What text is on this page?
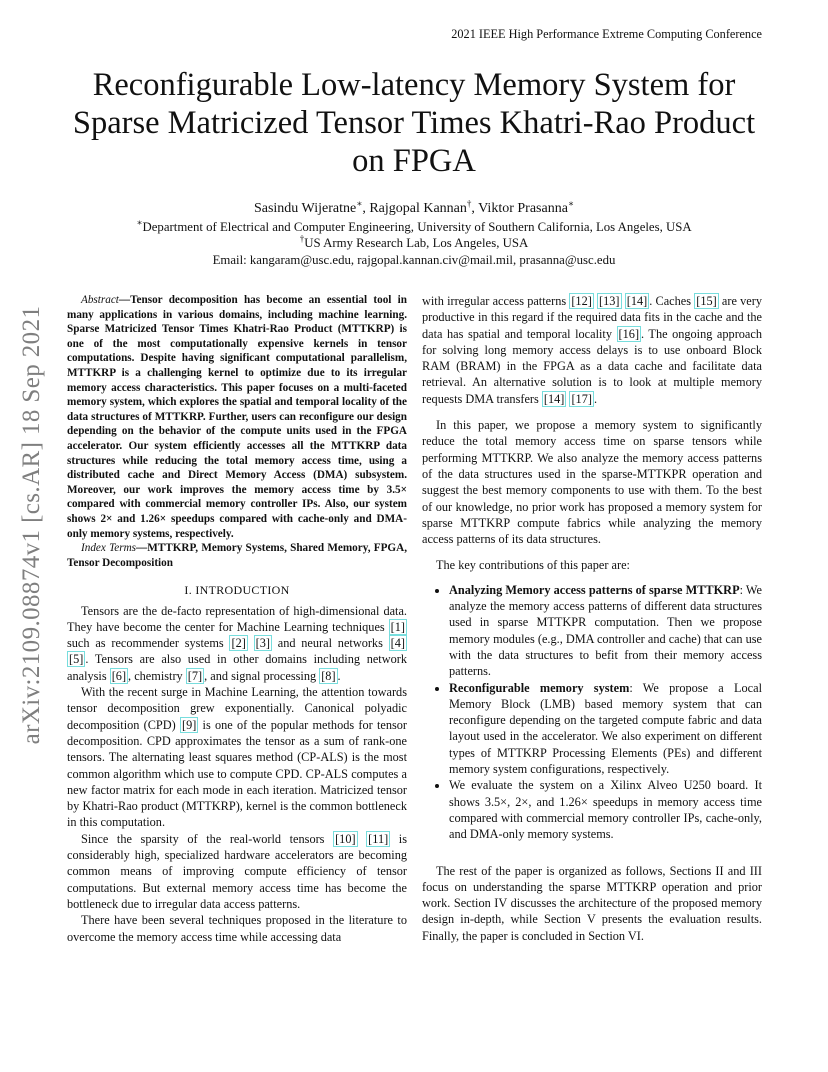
2021 IEEE High Performance Extreme Computing Conference
arXiv:2109.08874v1 [cs.AR] 18 Sep 2021
Reconfigurable Low-latency Memory System for
Sparse Matricized Tensor Times Khatri-Rao Product
on FPGA
Sasindu Wijeratne∗, Rajgopal Kannan†, Viktor Prasanna∗
∗Department of Electrical and Computer Engineering, University of Southern California, Los Angeles, USA
†US Army Research Lab, Los Angeles, USA
Email: kangaram@usc.edu, rajgopal.kannan.civ@mail.mil, prasanna@usc.edu

Abstract—Tensor decomposition has become an essential tool in many applications in various domains, including machine learning. Sparse Matricized Tensor Times Khatri-Rao Product (MTTKRP) is one of the most computationally expensive kernels in tensor computations. Despite having significant computational parallelism, MTTKRP is a challenging kernel to optimize due to its irregular memory access characteristics. This paper focuses on a multi-faceted memory system, which explores the spatial and temporal locality of the data structures of MTTKRP. Further, users can reconfigure our design depending on the behavior of the compute units used in the FPGA accelerator. Our system efficiently accesses all the MTTKRP data structures while reducing the total memory access time, using a distributed cache and Direct Memory Access (DMA) subsystem. Moreover, our work improves the memory access time by 3.5× compared with commercial memory controller IPs. Also, our system shows 2× and 1.26× speedups compared with cache-only and DMA-only memory systems, respectively.

Index Terms—MTTKRP, Memory Systems, Shared Memory, FPGA, Tensor Decomposition

I. INTRODUCTION

Tensors are the de-facto representation of high-dimensional data. They have become the center for Machine Learning techniques [1] such as recommender systems [2] [3] and neural networks [4] [5] . Tensors are also used in other domains including network analysis [6] , chemistry [7] , and signal processing [8] .

With the recent surge in Machine Learning, the attention towards tensor decomposition grew exponentially. Canonical polyadic decomposition (CPD) [9] is one of the popular methods for tensor decomposition. CPD approximates the tensor as a sum of rank-one tensors. The alternating least squares method (CP-ALS) is the most common algorithm which use to compute CPD. CP-ALS computes a new factor matrix for each mode in each iteration. Matricized tensor by Khatri-Rao product (MTTKRP), kernel is the common bottleneck in this computation.

Since the sparsity of the real-world tensors [10] [11] is considerably high, specialized hardware accelerators are becoming common means of improving compute efficiency of tensor computations. But external memory access time has become the bottleneck due to irregular data access patterns.

There have been several techniques proposed in the literature to overcome the memory access time while accessing data

with irregular access patterns [12] [13] [14] . Caches [15] are very productive in this regard if the required data fits in the cache and the data has spatial and temporal locality [16] . The ongoing approach for solving long memory access delays is to use onboard Block RAM (BRAM) in the FPGA as a data cache and facilitate data retrieval. An alternative solution is to look at multiple memory requests DMA transfers [14] [17] .

In this paper, we propose a memory system to significantly reduce the total memory access time on sparse tensors while performing MTTKRP. We also analyze the memory access patterns of the data structures used in the sparse-MTTKPR operation and suggest the best memory components to use with them. To the best of our knowledge, no prior work has proposed a memory system for sparse MTTKRP compute fabrics while analyzing the memory access patterns of its data structures.

The key contributions of this paper are:

• Analyzing Memory access patterns of sparse MTTKRP: We analyze the memory access patterns of different data structures used in sparse MTTKPR computation. Then we propose memory modules (e.g., DMA controller and cache) that can use with the data structures to befit from their memory access patterns.
• Reconfigurable memory system: We propose a Local Memory Block (LMB) based memory system that can reconfigure depending on the targeted compute fabric and data layout used in the accelerator. We also experiment on different types of MTTKRP Processing Elements (PEs) and different memory system configurations, respectively.
• We evaluate the system on a Xilinx Alveo U250 board. It shows 3.5×, 2×, and 1.26× speedups in memory access time compared with commercial memory controller IPs, cache-only, and DMA-only memory systems.

The rest of the paper is organized as follows, Sections II and III focus on understanding the sparse MTTKRP operation and prior work. Section IV discusses the architecture of the proposed memory design in-depth, while Section V presents the evaluation results. Finally, the paper is concluded in Section VI.
